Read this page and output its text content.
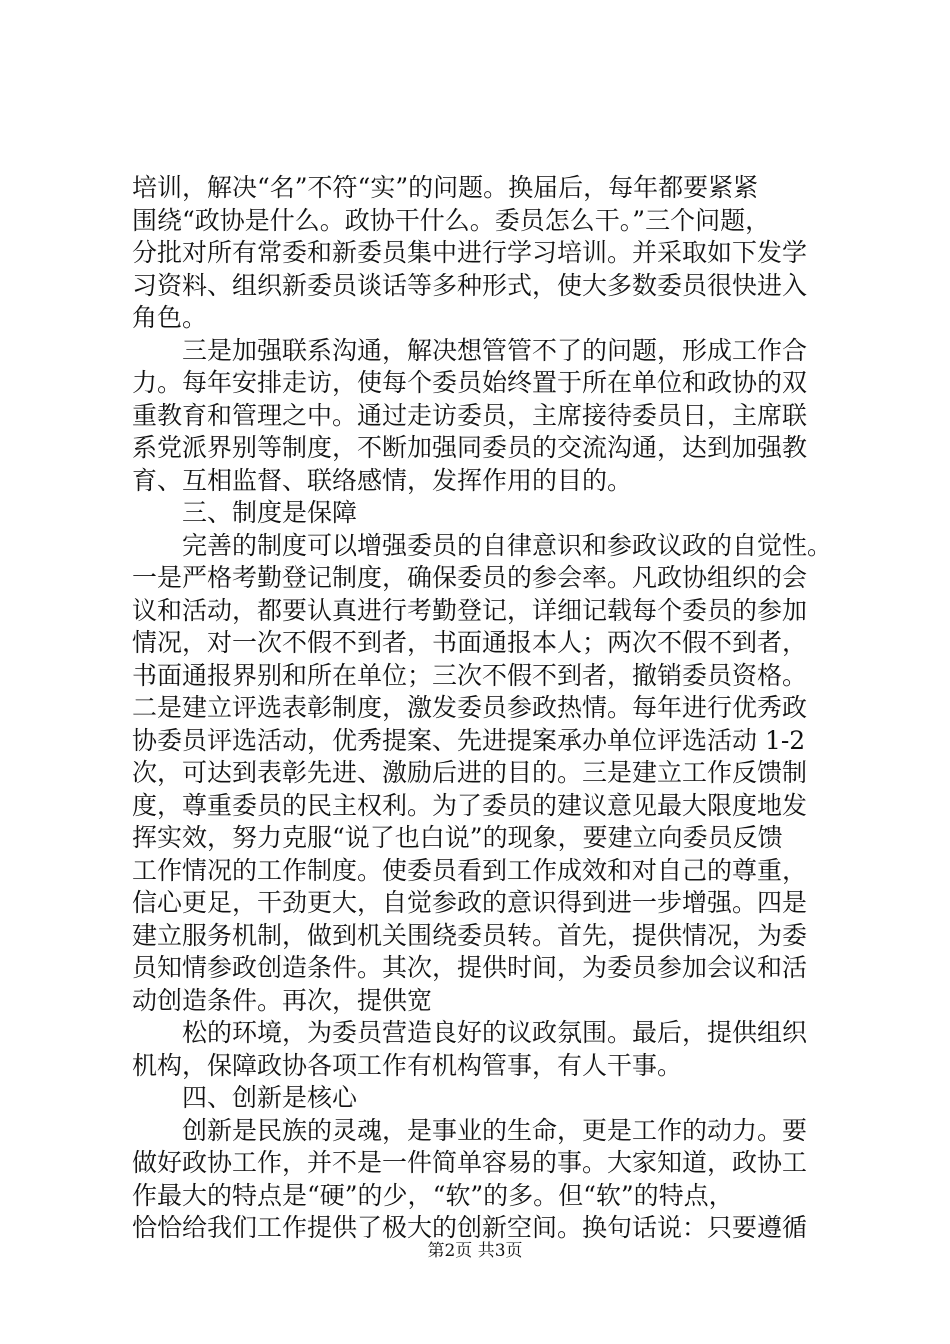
培训，解决“名”不符“实”的问题。换届后，每年都要紧紧
围绕“政协是什么。政协干什么。委员怎么干。”三个问题，
分批对所有常委和新委员集中进行学习培训。并采取如下发学
习资料、组织新委员谈话等多种形式，使大多数委员很快进入
角色。
三是加强联系沟通，解决想管管不了的问题，形成工作合
力。每年安排走访，使每个委员始终置于所在单位和政协的双
重教育和管理之中。通过走访委员，主席接待委员日，主席联
系党派界别等制度，不断加强同委员的交流沟通，达到加强教
育、互相监督、联络感情，发挥作用的目的。
三、制度是保障
完善的制度可以增强委员的自律意识和参政议政的自觉性。
一是严格考勤登记制度，确保委员的参会率。凡政协组织的会
议和活动，都要认真进行考勤登记，详细记载每个委员的参加
情况，对一次不假不到者，书面通报本人；两次不假不到者，
书面通报界别和所在单位；三次不假不到者，撤销委员资格。
二是建立评选表彰制度，激发委员参政热情。每年进行优秀政
协委员评选活动，优秀提案、先进提案承办单位评选活动 1-2
次，可达到表彰先进、激励后进的目的。三是建立工作反馈制
度，尊重委员的民主权利。为了委员的建议意见最大限度地发
挥实效，努力克服“说了也白说”的现象，要建立向委员反馈
工作情况的工作制度。使委员看到工作成效和对自己的尊重，
信心更足，干劲更大，自觉参政的意识得到进一步增强。四是
建立服务机制，做到机关围绕委员转。首先，提供情况，为委
员知情参政创造条件。其次，提供时间，为委员参加会议和活
动创造条件。再次，提供宽
松的环境，为委员营造良好的议政氛围。最后，提供组织
机构，保障政协各项工作有机构管事，有人干事。
四、创新是核心
创新是民族的灵魂，是事业的生命，更是工作的动力。要
做好政协工作，并不是一件简单容易的事。大家知道，政协工
作最大的特点是“硬”的少，“软”的多。但“软”的特点，
恰恰给我们工作提供了极大的创新空间。换句话说：只要遵循
第2页 共3页
